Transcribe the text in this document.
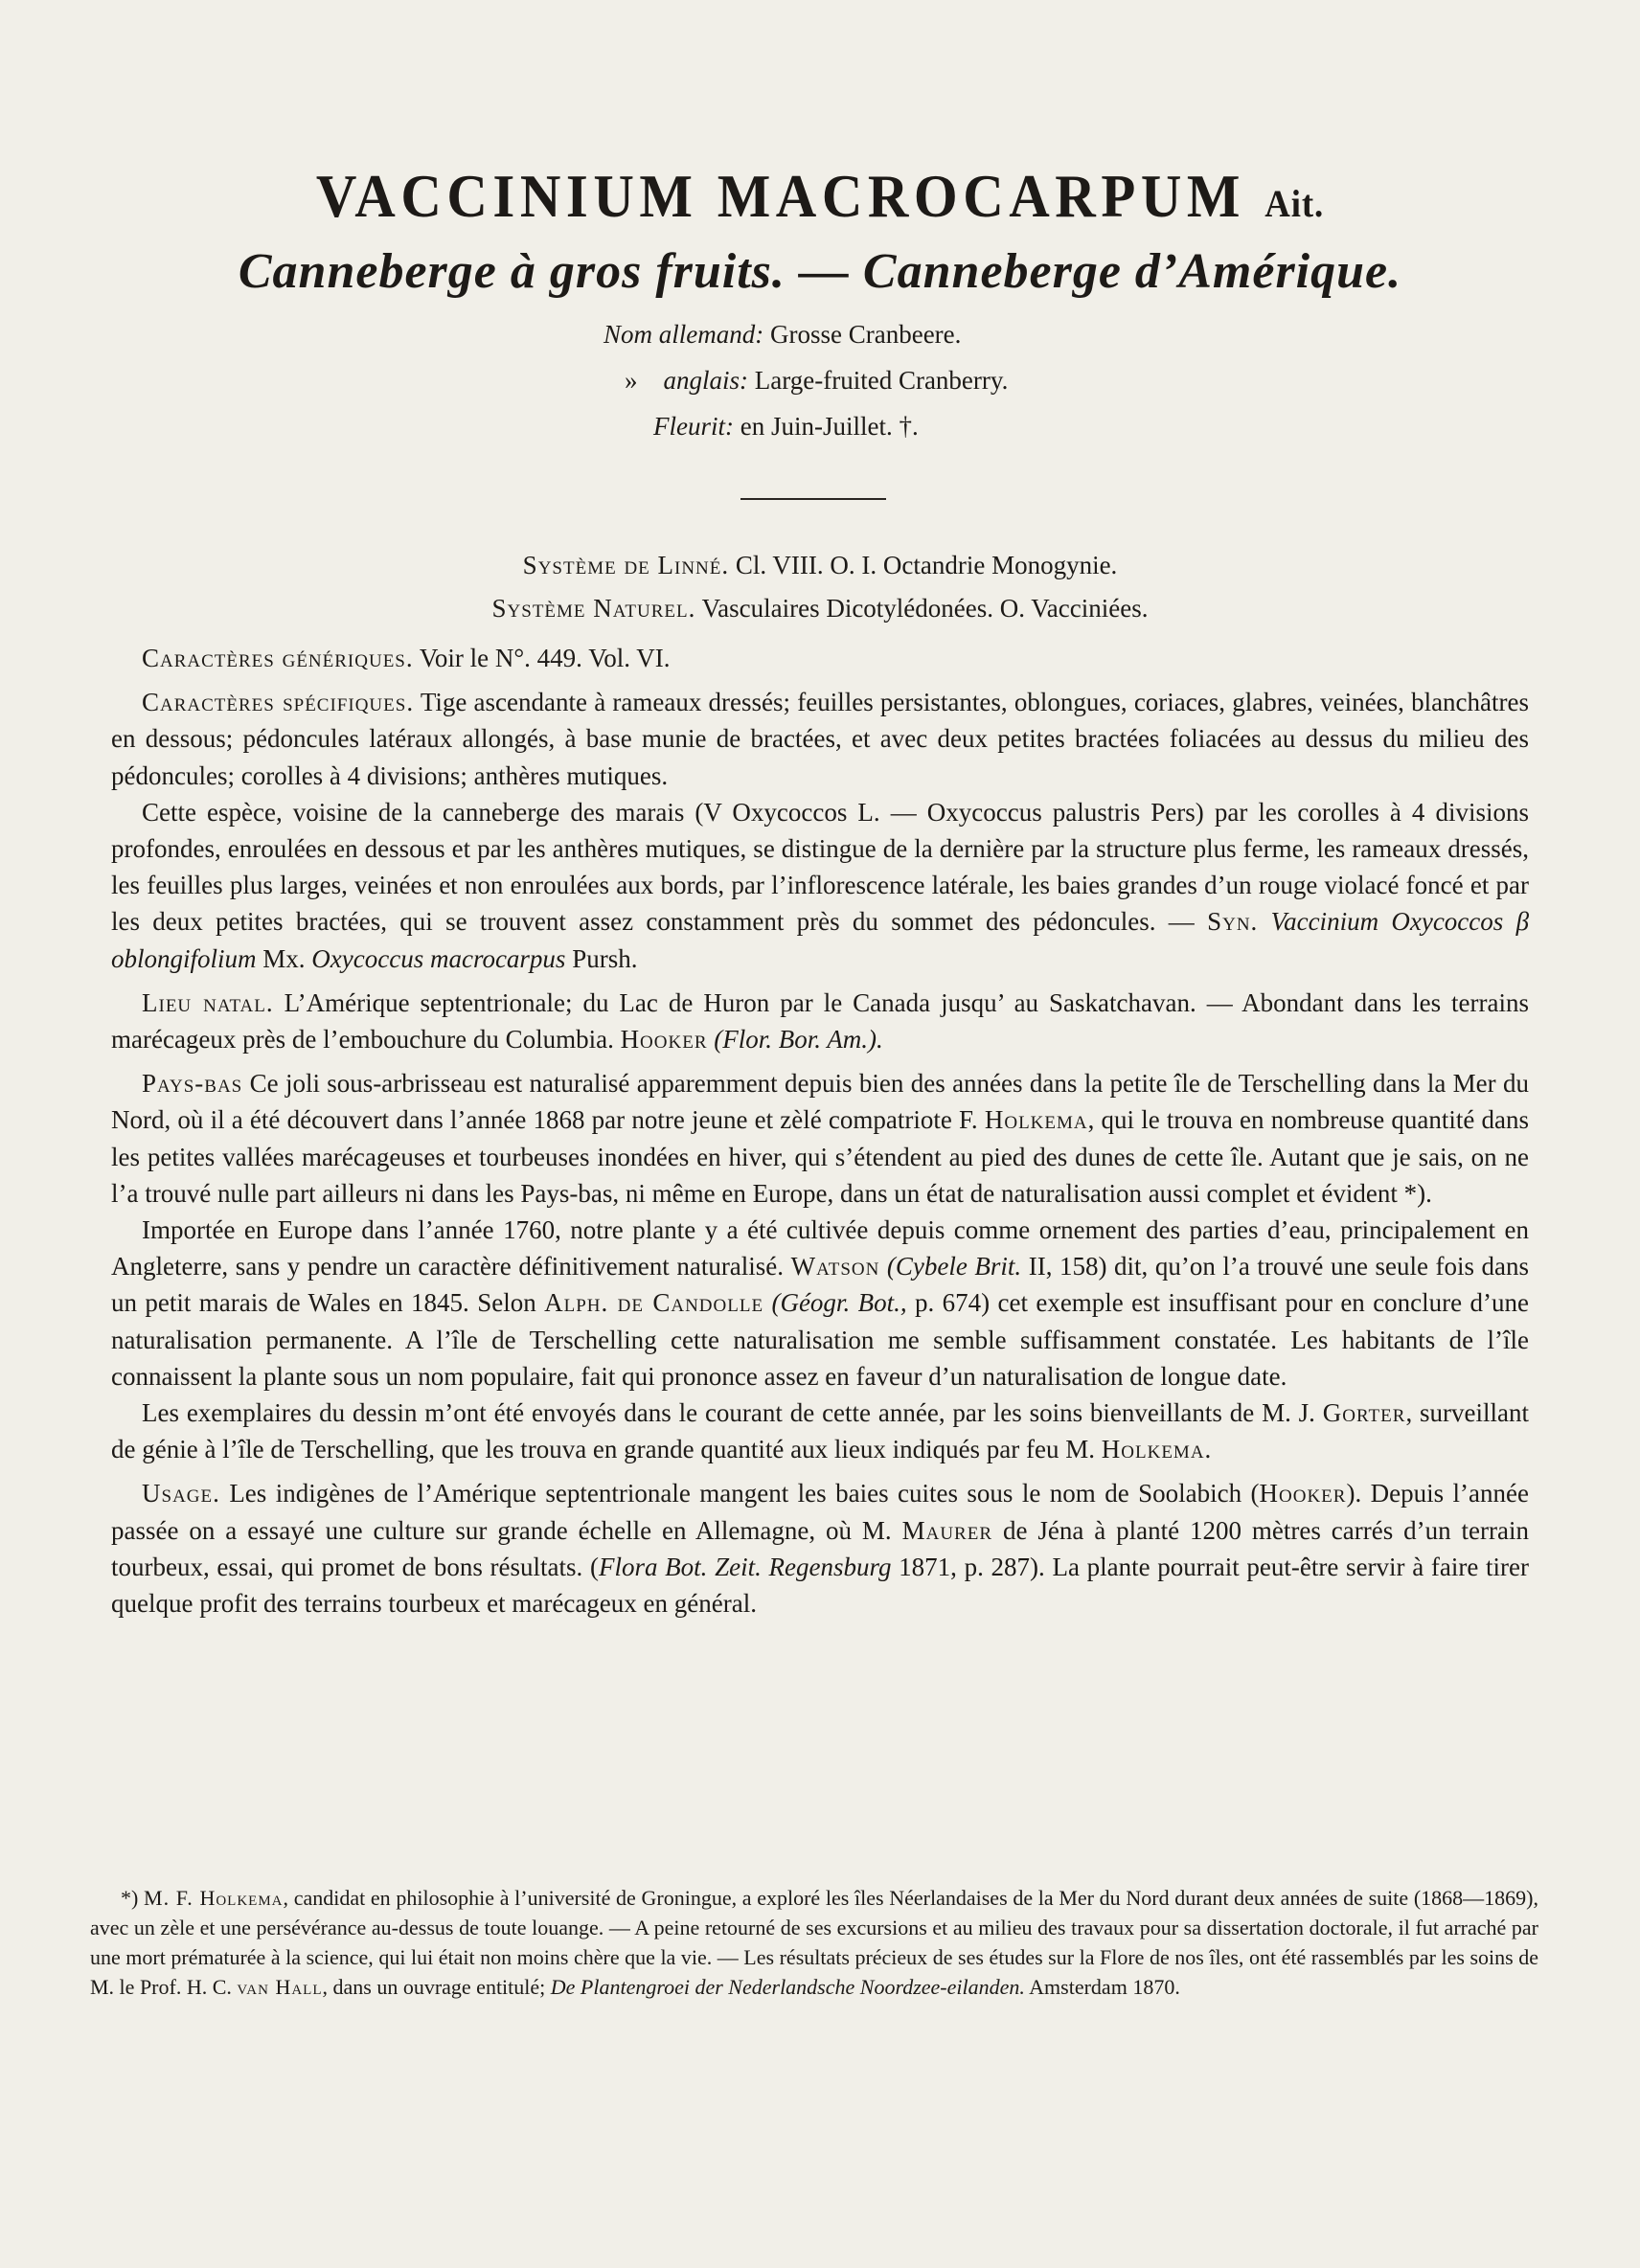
VACCINIUM MACROCARPUM Ait.
Canneberge à gros fruits. — Canneberge d’Amérique.
Nom allemand: Grosse Cranbeere.
» anglais: Large-fruited Cranberry.
Fleurit: en Juin-Juillet. †.
Système de Linné. Cl. VIII. O. I. Octandrie Monogynie.
Système Naturel. Vasculaires Dicotylédonées. O. Vacciniées.

Caractères génériques. Voir le N°. 449. Vol. VI.

Caractères spécifiques. Tige ascendante à rameaux dressés; feuilles persistantes, oblongues, coriaces, glabres, veinées, blanchâtres en dessous; pédoncules latéraux allongés, à base munie de bractées, et avec deux petites bractées foliacées au dessus du milieu des pédoncules; corolles à 4 divisions; anthères mutiques.

Cette espèce, voisine de la canneberge des marais (V Oxycoccos L. — Oxycoccus palustris Pers) par les corolles à 4 divisions profondes, enroulées en dessous et par les anthères mutiques, se distingue de la dernière par la structure plus ferme, les rameaux dressés, les feuilles plus larges, veinées et non enroulées aux bords, par l’inflorescence latérale, les baies grandes d’un rouge violacé foncé et par les deux petites bractées, qui se trouvent assez constamment près du sommet des pédoncules. — Syn. Vaccinium Oxycoccos β oblongifolium Mx. Oxycoccus macrocarpus Pursh.

Lieu natal. L’Amérique septentrionale; du Lac de Huron par le Canada jusqu’ au Saskatchavan. — Abondant dans les terrains marécageux près de l’embouchure du Columbia. Hooker (Flor. Bor. Am.).

Pays-bas Ce joli sous-arbrisseau est naturalisé apparemment depuis bien des années dans la petite île de Terschelling dans la Mer du Nord, où il a été découvert dans l’année 1868 par notre jeune et zèlé compatriote F. Holkema, qui le trouva en nombreuse quantité dans les petites vallées marécageuses et tourbeuses inondées en hiver, qui s’étendent au pied des dunes de cette île. Autant que je sais, on ne l’a trouvé nulle part ailleurs ni dans les Pays-bas, ni même en Europe, dans un état de naturalisation aussi complet et évident *).

Importée en Europe dans l’année 1760, notre plante y a été cultivée depuis comme ornement des parties d’eau, principalement en Angleterre, sans y pendre un caractère définitivement naturalisé. Watson (Cybele Brit. II, 158) dit, qu’on l’a trouvé une seule fois dans un petit marais de Wales en 1845. Selon Alph. de Candolle (Géogr. Bot., p. 674) cet exemple est insuffisant pour en conclure d’une naturalisation permanente. A l’île de Terschelling cette naturalisation me semble suffisamment constatée. Les habitants de l’île connaissent la plante sous un nom populaire, fait qui prononce assez en faveur d’un naturalisation de longue date.

Les exemplaires du dessin m’ont été envoyés dans le courant de cette année, par les soins bienveillants de M. J. Gorter, surveillant de génie à l’île de Terschelling, que les trouva en grande quantité aux lieux indiqués par feu M. Holkema.

Usage. Les indigènes de l’Amérique septentrionale mangent les baies cuites sous le nom de Soolabich (Hooker). Depuis l’année passée on a essayé une culture sur grande échelle en Allemagne, où M. Maurer de Jéna à planté 1200 mètres carrés d’un terrain tourbeux, essai, qui promet de bons résultats. (Flora Bot. Zeit. Regensburg 1871, p. 287). La plante pourrait peut-être servir à faire tirer quelque profit des terrains tourbeux et marécageux en général.

*) M. F. Holkema, candidat en philosophie à l’université de Groningue, a exploré les îles Néerlandaises de la Mer du Nord durant deux années de suite (1868—1869), avec un zèle et une persévérance au-dessus de toute louange. — A peine retourné de ses excursions et au milieu des travaux pour sa dissertation doctorale, il fut arraché par une mort prématurée à la science, qui lui était non moins chère que la vie. — Les résultats précieux de ses études sur la Flore de nos îles, ont été rassemblés par les soins de M. le Prof. H. C. van Hall, dans un ouvrage entitulé; De Plantengroei der Nederlandsche Noordzee-eilanden. Amsterdam 1870.
